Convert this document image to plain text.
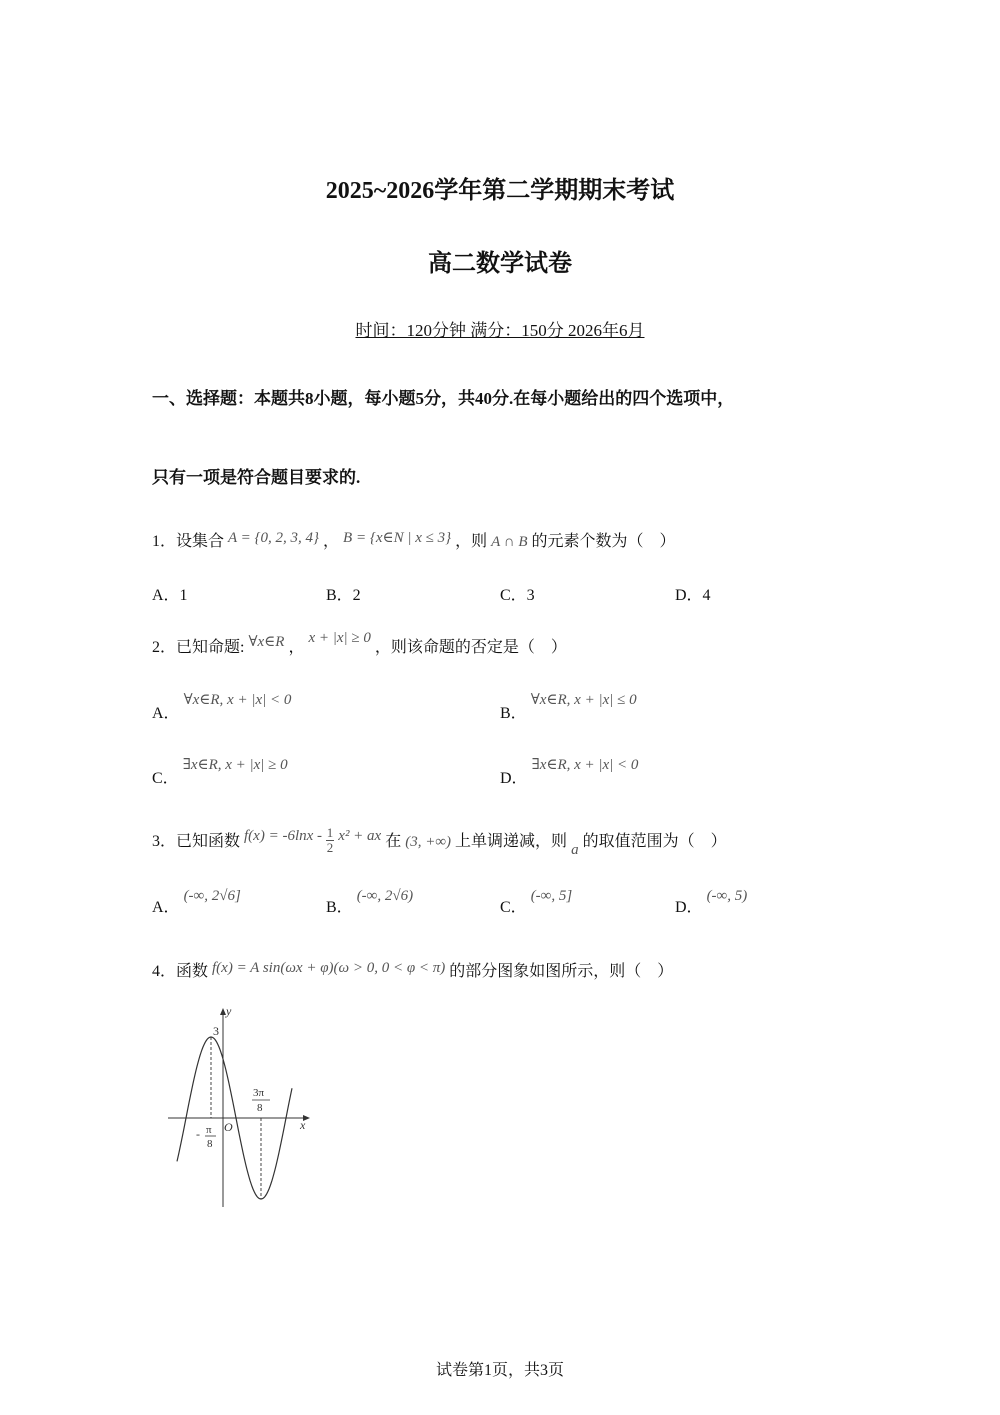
2025~2026学年第二学期期末考试
高二数学试卷
时间：120分钟 满分：150分 2026年6月
一、选择题：本题共8小题，每小题5分，共40分.在每小题给出的四个选项中，
只有一项是符合题目要求的.
1．设集合 A = {0, 2, 3, 4} ， B = {x∈N | x ≤ 3} ，则 A ∩ B 的元素个数为（　）
A．1	B．2	C．3	D．4
2．已知命题: ∀x∈R ， x + |x| ≥ 0 ，则该命题的否定是（　）
A． ∀x∈R, x + |x| < 0
B． ∀x∈R, x + |x| ≤ 0
C． ∃x∈R, x + |x| ≥ 0
D． ∃x∈R, x + |x| < 0
3．已知函数 $f(x) = -6\ln x - \frac{1}{2} x^2$ + ax 在 (3, +∞) 上单调递减，则 a 的取值范围为（　）
A． (-∞, 2√6]
B． (-∞, 2√6)
C． (-∞, 5]
D． (-∞, 5)
4．函数 f(x) = A sin(ωx + φ)(ω > 0, 0 < φ < π) 的部分图象如图所示，则（　）
y
3
x
O
- π
8
3π
8
试卷第1页，共3页
